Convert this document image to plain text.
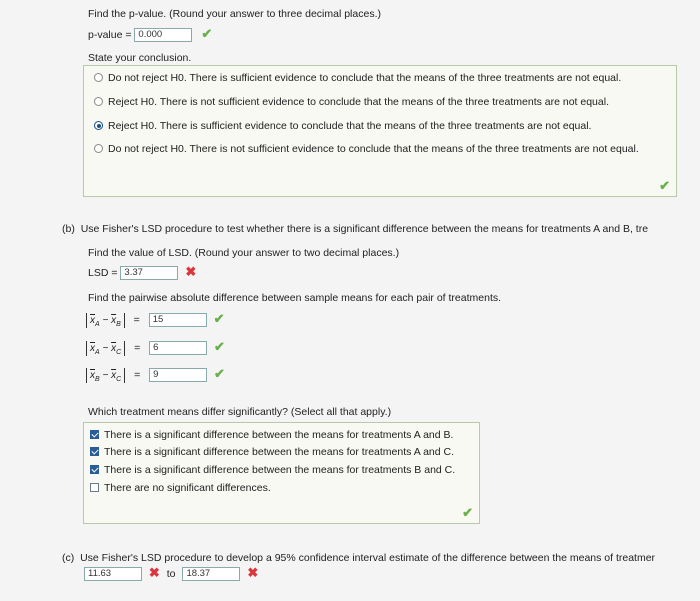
Find the p-value. (Round your answer to three decimal places.)
p-value = 0.000	✔
State your conclusion.
Do not reject H0. There is sufficient evidence to conclude that the means of the three treatments are not equal.
Reject H0. There is not sufficient evidence to conclude that the means of the three treatments are not equal.
Reject H0. There is sufficient evidence to conclude that the means of the three treatments are not equal.
Do not reject H0. There is not sufficient evidence to conclude that the means of the three treatments are not equal.
✔
(b) Use Fisher's LSD procedure to test whether there is a significant difference between the means for treatments A and B, tre
Find the value of LSD. (Round your answer to two decimal places.)
LSD = 3.37	✖
Find the pairwise absolute difference between sample means for each pair of treatments.
$\overline{x}_A - \overline{x}_B = 15$	✔
$\overline{x}_A - \overline{x}_C = 6$	✔
$\overline{x}_B - \overline{x}_C = 9$	✔
Which treatment means differ significantly? (Select all that apply.)
There is a significant difference between the means for treatments A and B.
There is a significant difference between the means for treatments A and C.
There is a significant difference between the means for treatments B and C.
There are no significant differences.
✔
(c) Use Fisher's LSD procedure to develop a 95% confidence interval estimate of the difference between the means of treatmer
11.63	✖ to 18.37	✖
